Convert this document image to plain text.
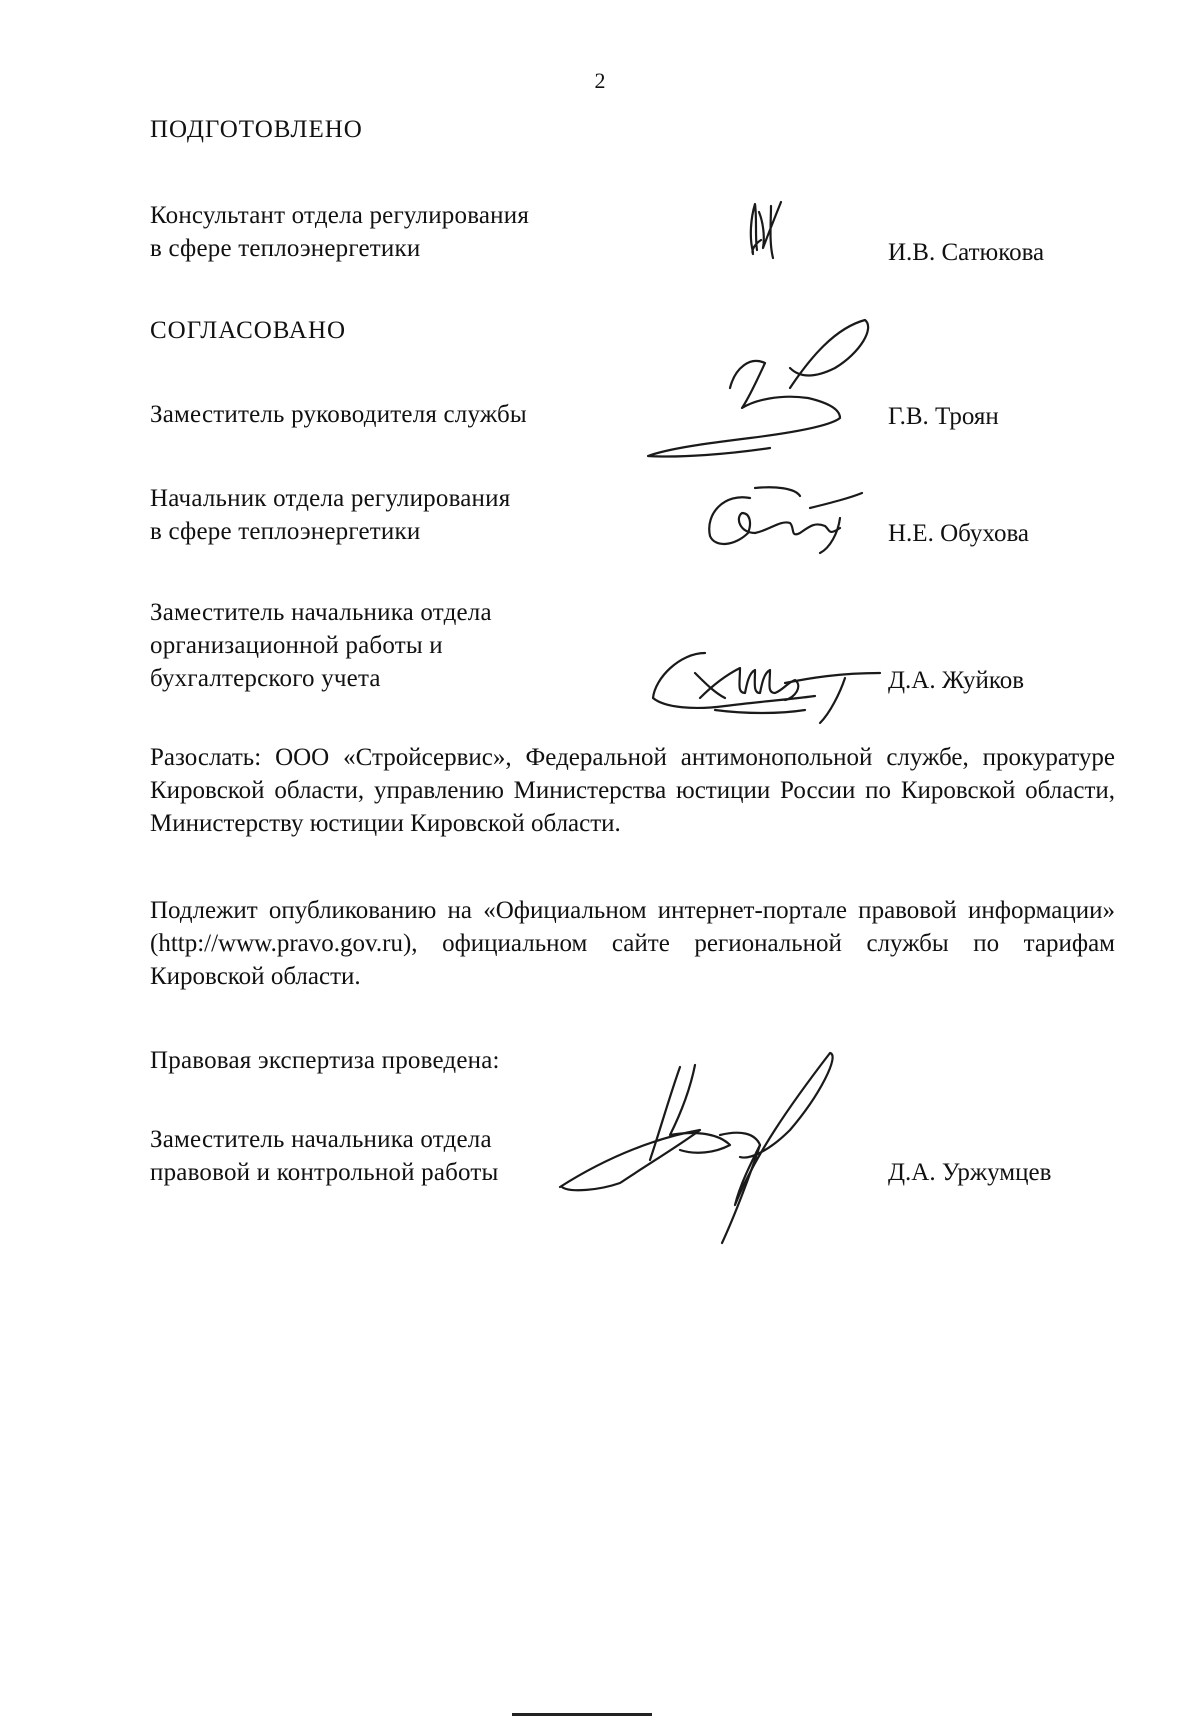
2
ПОДГОТОВЛЕНО
Консультант отдела регулирования
в сфере теплоэнергетики	И.В. Сатюкова
СОГЛАСОВАНО
Заместитель руководителя службы	Г.В. Троян
Начальник отдела регулирования
в сфере теплоэнергетики	Н.Е. Обухова
Заместитель начальника отдела
организационной работы и
бухгалтерского учета	Д.А. Жуйков
Разослать: ООО «Стройсервис», Федеральной антимонопольной службе, прокуратуре Кировской области, управлению Министерства юстиции России по Кировской области, Министерству юстиции Кировской области.
Подлежит опубликованию на «Официальном интернет-портале правовой информации» (http://www.pravo.gov.ru), официальном сайте региональной службы по тарифам Кировской области.
Правовая экспертиза проведена:
Заместитель начальника отдела
правовой и контрольной работы	Д.А. Уржумцев
